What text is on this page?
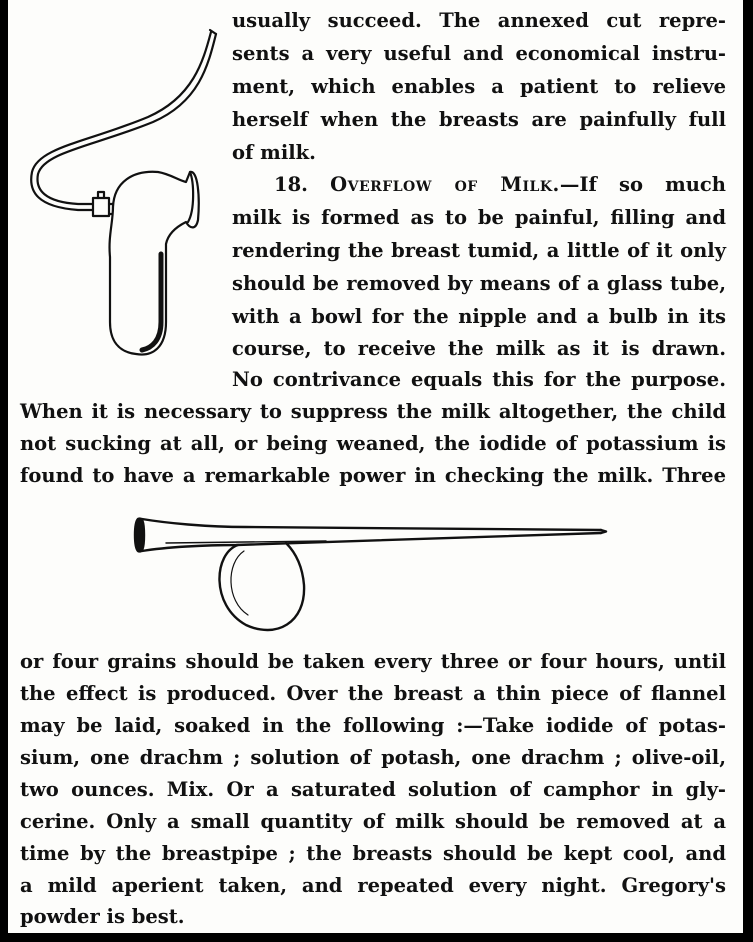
usually succeed. The annexed cut repre-
sents a very useful and economical instru-
ment, which enables a patient to relieve
herself when the breasts are painfully full
of milk.
18. Overflow of Milk.—If so much
milk is formed as to be painful, filling and
rendering the breast tumid, a little of it only
should be removed by means of a glass tube,
with a bowl for the nipple and a bulb in its
course, to receive the milk as it is drawn.
No contrivance equals this for the purpose.
When it is necessary to suppress the milk altogether, the child
not sucking at all, or being weaned, the iodide of potassium is
found to have a remarkable power in checking the milk. Three
or four grains should be taken every three or four hours, until
the effect is produced. Over the breast a thin piece of flannel
may be laid, soaked in the following :—Take iodide of potas-
sium, one drachm ; solution of potash, one drachm ; olive-oil,
two ounces. Mix. Or a saturated solution of camphor in gly-
cerine. Only a small quantity of milk should be removed at a
time by the breastpipe ; the breasts should be kept cool, and
a mild aperient taken, and repeated every night. Gregory's
powder is best.
